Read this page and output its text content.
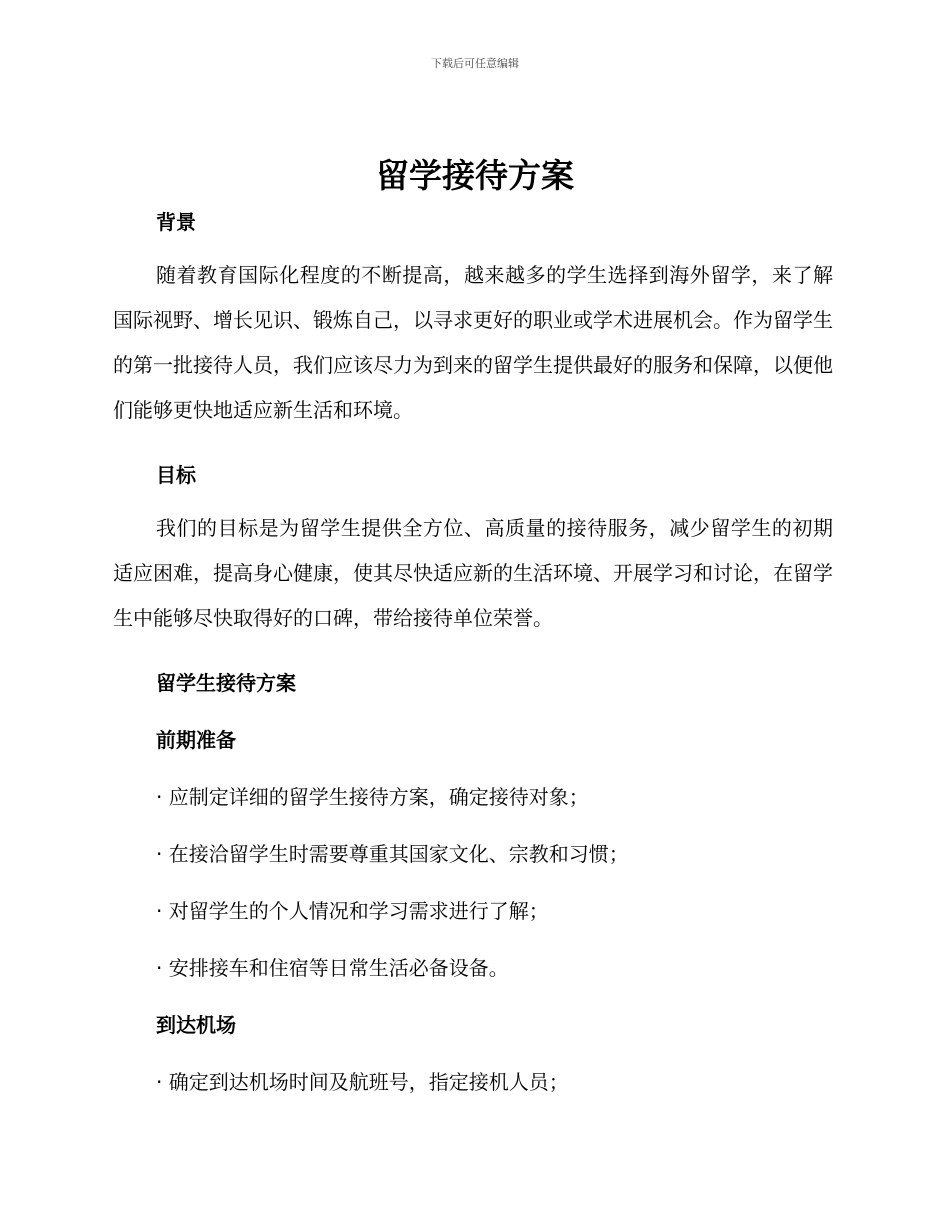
下载后可任意编辑
留学接待方案
背景

随着教育国际化程度的不断提高，越来越多的学生选择到海外留学，来了解国际视野、增长见识、锻炼自己，以寻求更好的职业或学术进展机会。作为留学生的第一批接待人员，我们应该尽力为到来的留学生提供最好的服务和保障，以便他们能够更快地适应新生活和环境。

目标

我们的目标是为留学生提供全方位、高质量的接待服务，减少留学生的初期适应困难，提高身心健康，使其尽快适应新的生活环境、开展学习和讨论，在留学生中能够尽快取得好的口碑，带给接待单位荣誉。

留学生接待方案
前期准备
· 应制定详细的留学生接待方案，确定接待对象；
· 在接洽留学生时需要尊重其国家文化、宗教和习惯；
· 对留学生的个人情况和学习需求进行了解；
· 安排接车和住宿等日常生活必备设备。
到达机场
· 确定到达机场时间及航班号，指定接机人员；
